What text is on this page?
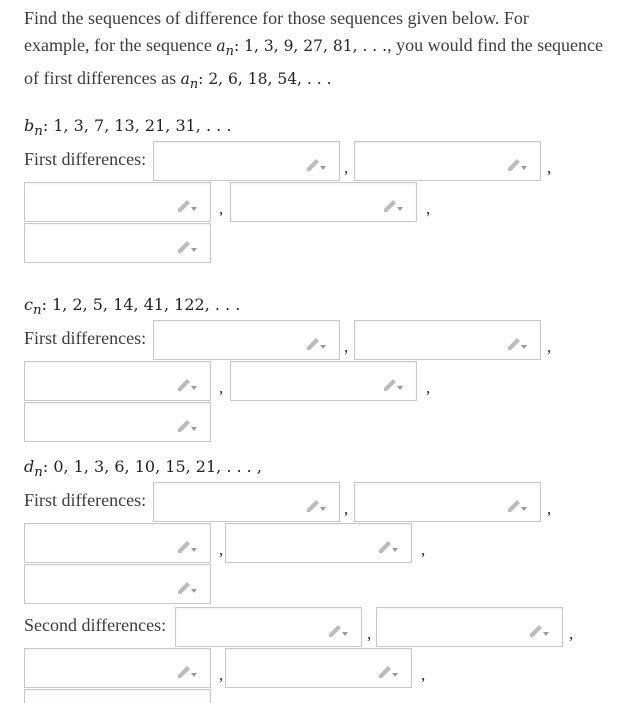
Find the sequences of difference for those sequences given below. For
example, for the sequence $a_n$: 1, 3, 9, 27, 81, . . ., you would find the sequence
of first differences as $a_n$: 2, 6, 18, 54, . . .
$b_n$: 1, 3, 7, 13, 21, 31, . . .
First differences:	,	,
,	,
$c_n$: 1, 2, 5, 14, 41, 122, . . .
First differences:	,	,
,	,
$d_n$: 0, 1, 3, 6, 10, 15, 21, . . . ,
First differences:	,	,
,	,
Second differences:	,	,
,	,
